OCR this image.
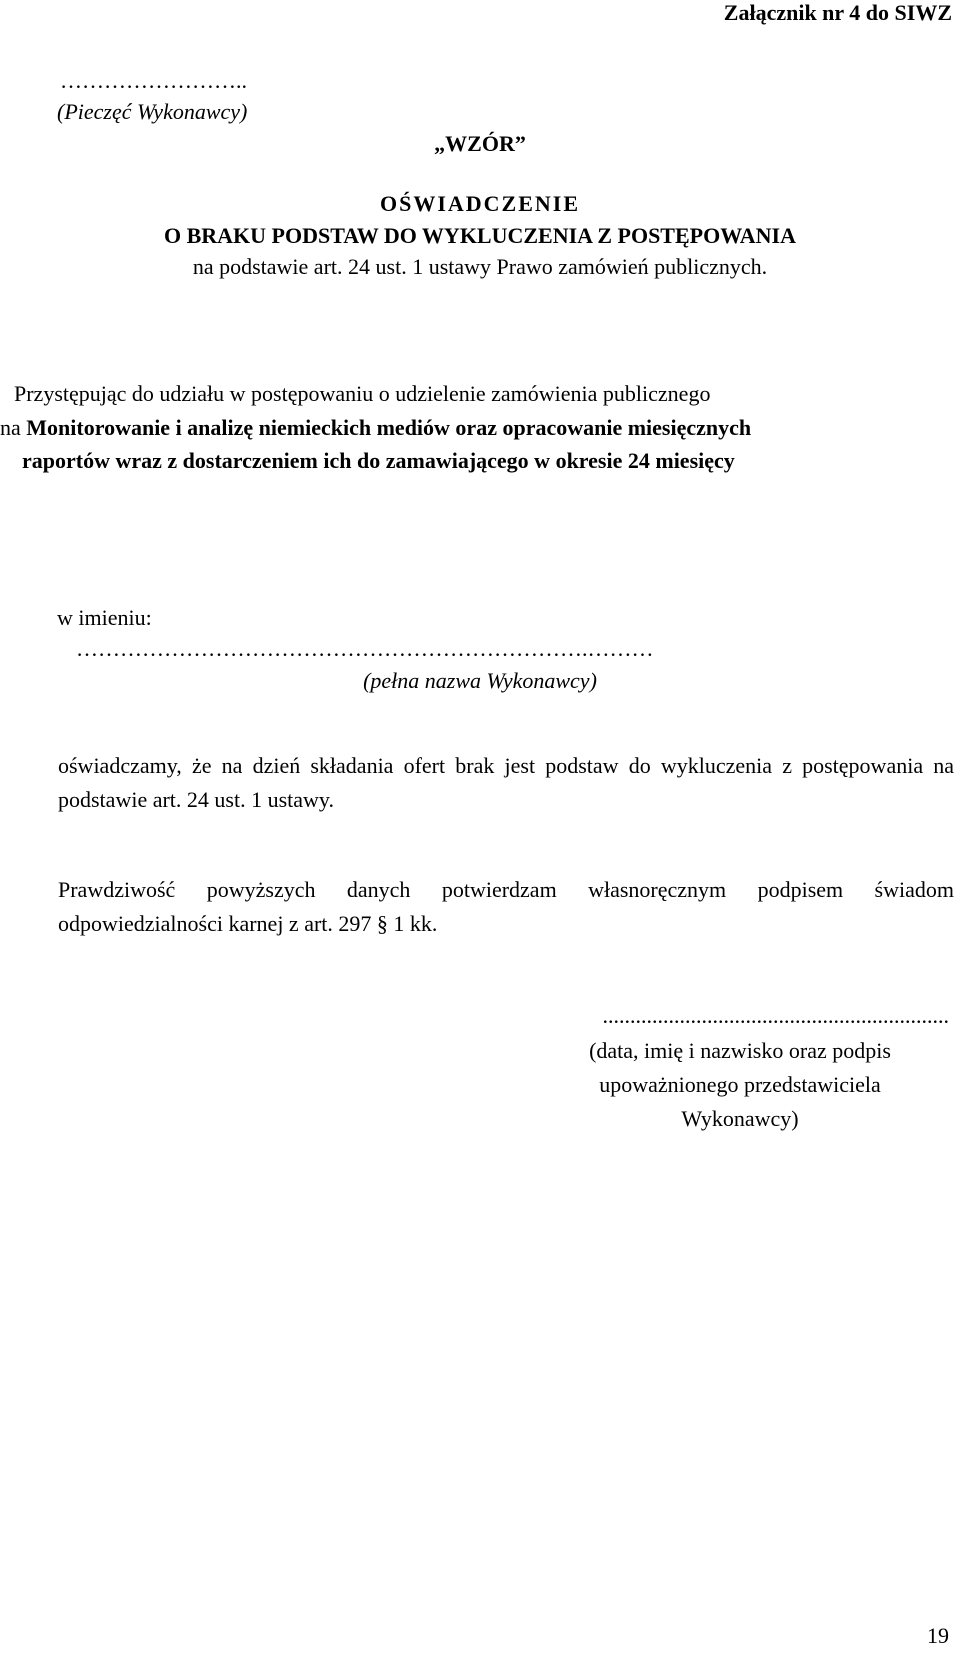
Załącznik nr 4 do SIWZ

……………………..

(Pieczęć Wykonawcy)

„WZÓR”

OŚWIADCZENIE

O BRAKU PODSTAW DO WYKLUCZENIA Z POSTĘPOWANIA

na podstawie art. 24 ust. 1 ustawy Prawo zamówień publicznych.

Przystępując do udziału w postępowaniu o udzielenie zamówienia publicznego

na Monitorowanie i analizę niemieckich mediów oraz opracowanie miesięcznych

raportów wraz z dostarczeniem ich do zamawiającego w okresie 24 miesięcy

w imieniu:

…………………………………………………………….………

(pełna nazwa Wykonawcy)

oświadczamy, że na dzień składania ofert brak jest podstaw do wykluczenia z postępowania na podstawie art. 24 ust. 1 ustawy.

Prawdziwość powyższych danych potwierdzam własnoręcznym podpisem świadom odpowiedzialności karnej z art. 297 § 1 kk.

...............................................................

(data, imię i nazwisko oraz podpis
upoważnionego przedstawiciela
Wykonawcy)

19
